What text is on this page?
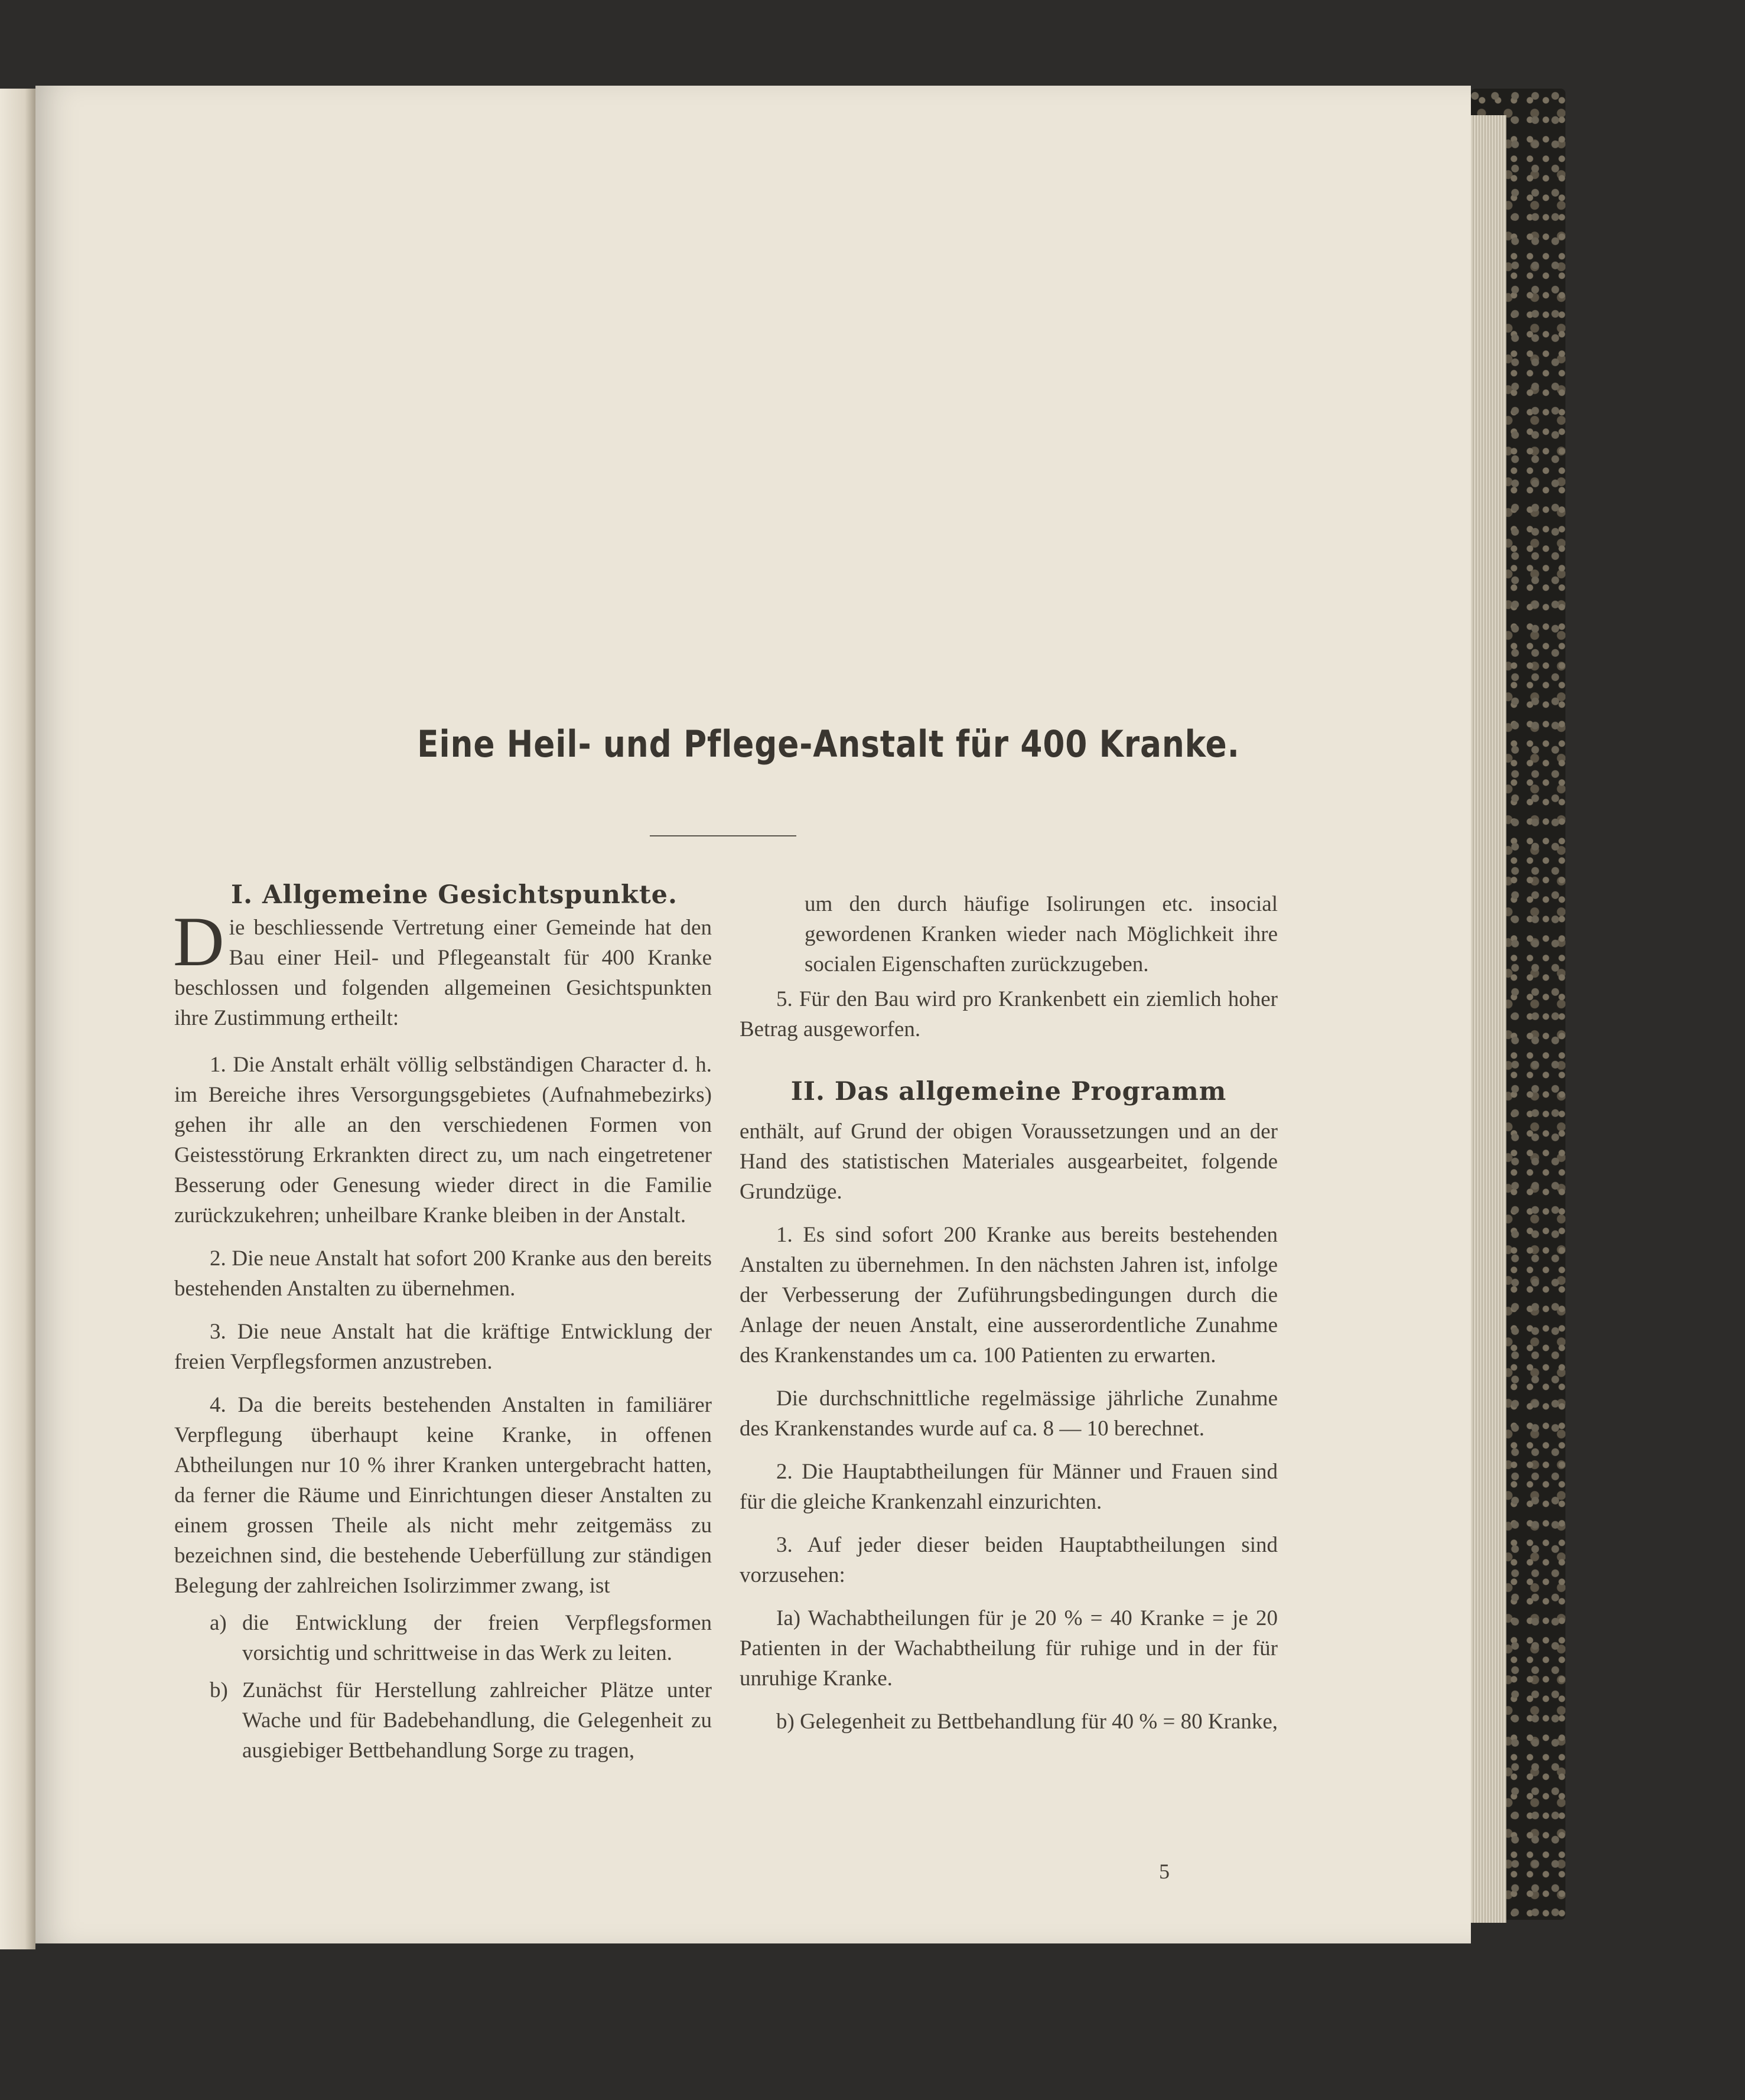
Eine Heil- und Pflege-Anstalt für 400 Kranke.
I. Allgemeine Gesichtspunkte.

Die beschliessende Vertretung einer Gemeinde hat den Bau einer Heil- und Pflegeanstalt für 400 Kranke beschlossen und folgenden allgemeinen Gesichtspunkten ihre Zustimmung ertheilt:

1. Die Anstalt erhält völlig selbständigen Character d. h. im Bereiche ihres Versorgungsgebietes (Aufnahmebezirks) gehen ihr alle an den verschiedenen Formen von Geistesstörung Erkrankten direct zu, um nach eingetretener Besserung oder Genesung wieder direct in die Familie zurückzukehren; unheilbare Kranke bleiben in der Anstalt.

2. Die neue Anstalt hat sofort 200 Kranke aus den bereits bestehenden Anstalten zu übernehmen.

3. Die neue Anstalt hat die kräftige Entwicklung der freien Verpflegsformen anzustreben.

4. Da die bereits bestehenden Anstalten in familiärer Verpflegung überhaupt keine Kranke, in offenen Abtheilungen nur 10 % ihrer Kranken untergebracht hatten, da ferner die Räume und Einrichtungen dieser Anstalten zu einem grossen Theile als nicht mehr zeitgemäss zu bezeichnen sind, die bestehende Ueberfüllung zur ständigen Belegung der zahlreichen Isolirzimmer zwang, ist

a) die Entwicklung der freien Verpflegsformen vorsichtig und schrittweise in das Werk zu leiten.

b) Zunächst für Herstellung zahlreicher Plätze unter Wache und für Badebehandlung, die Gelegenheit zu ausgiebiger Bettbehandlung Sorge zu tragen,

um den durch häufige Isolirungen etc. insocial gewordenen Kranken wieder nach Möglichkeit ihre socialen Eigenschaften zurückzugeben.

5. Für den Bau wird pro Krankenbett ein ziemlich hoher Betrag ausgeworfen.

II. Das allgemeine Programm

enthält, auf Grund der obigen Voraussetzungen und an der Hand des statistischen Materiales ausgearbeitet, folgende Grundzüge.

1. Es sind sofort 200 Kranke aus bereits bestehenden Anstalten zu übernehmen. In den nächsten Jahren ist, infolge der Verbesserung der Zuführungsbedingungen durch die Anlage der neuen Anstalt, eine ausserordentliche Zunahme des Krankenstandes um ca. 100 Patienten zu erwarten.

Die durchschnittliche regelmässige jährliche Zunahme des Krankenstandes wurde auf ca. 8 — 10 berechnet.

2. Die Hauptabtheilungen für Männer und Frauen sind für die gleiche Krankenzahl einzurichten.

3. Auf jeder dieser beiden Hauptabtheilungen sind vorzusehen:

Ia) Wachabtheilungen für je 20 % = 40 Kranke = je 20 Patienten in der Wachabtheilung für ruhige und in der für unruhige Kranke.

b) Gelegenheit zu Bettbehandlung für 40 % = 80 Kranke,

5
